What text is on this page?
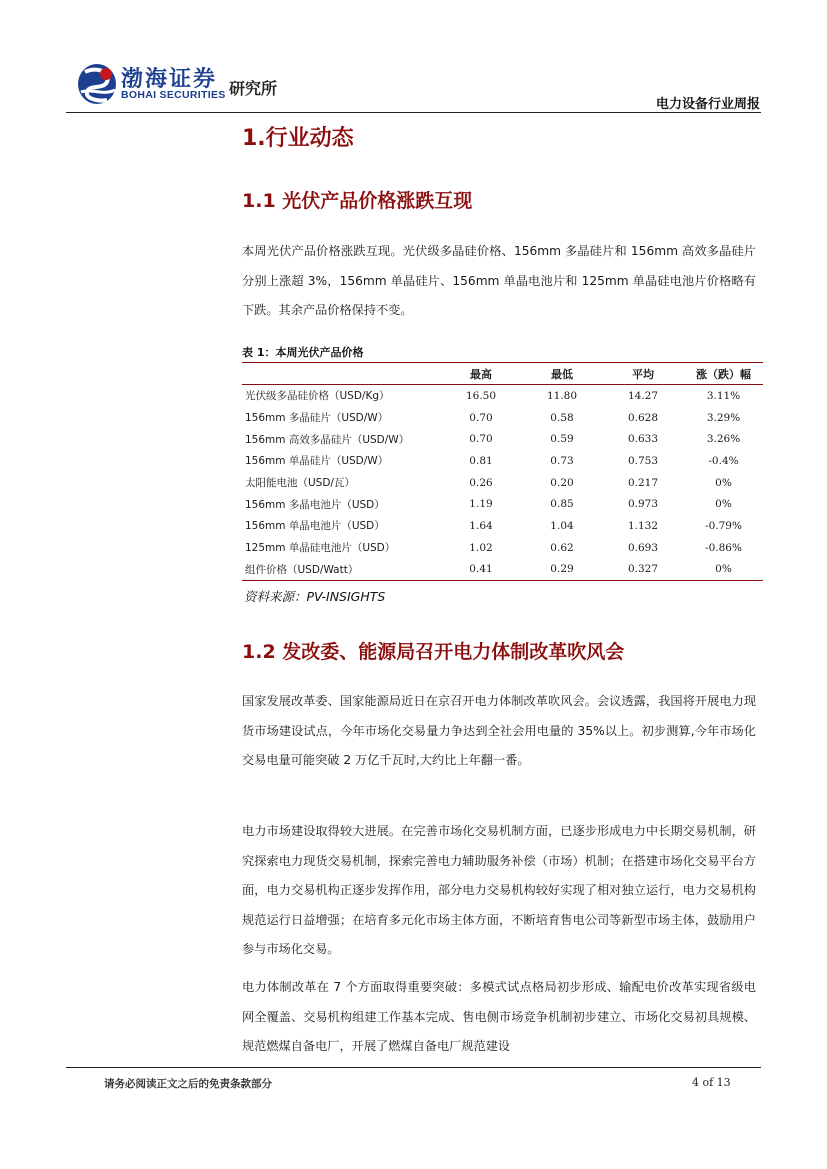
渤海证券
BOHAI SECURITIES 研究所
电力设备行业周报
1.行业动态
1.1 光伏产品价格涨跌互现

本周光伏产品价格涨跌互现。光伏级多晶硅价格、156mm 多晶硅片和 156mm 高效多晶硅片分别上涨超 3%，156mm 单晶硅片、156mm 单晶电池片和 125mm 单晶硅电池片价格略有下跌。其余产品价格保持不变。

表 1：本周光伏产品价格
	最高	最低	平均	涨（跌）幅
光伏级多晶硅价格（USD/Kg）	16.50	11.80	14.27	3.11%
156mm 多晶硅片（USD/W）	0.70	0.58	0.628	3.29%
156mm 高效多晶硅片（USD/W）	0.70	0.59	0.633	3.26%
156mm 单晶硅片（USD/W）	0.81	0.73	0.753	-0.4%
太阳能电池（USD/瓦）	0.26	0.20	0.217	0%
156mm 多晶电池片（USD）	1.19	0.85	0.973	0%
156mm 单晶电池片（USD）	1.64	1.04	1.132	-0.79%
125mm 单晶硅电池片（USD）	1.02	0.62	0.693	-0.86%
组件价格（USD/Watt）	0.41	0.29	0.327	0%
资料来源：PV-INSIGHTS
1.2 发改委、能源局召开电力体制改革吹风会

国家发展改革委、国家能源局近日在京召开电力体制改革吹风会。会议透露，我国将开展电力现货市场建设试点，今年市场化交易量力争达到全社会用电量的 35%以上。初步测算,今年市场化交易电量可能突破 2 万亿千瓦时,大约比上年翻一番。

电力市场建设取得较大进展。在完善市场化交易机制方面，已逐步形成电力中长期交易机制，研究探索电力现货交易机制，探索完善电力辅助服务补偿（市场）机制；在搭建市场化交易平台方面，电力交易机构正逐步发挥作用，部分电力交易机构较好实现了相对独立运行，电力交易机构规范运行日益增强；在培育多元化市场主体方面，不断培育售电公司等新型市场主体，鼓励用户参与市场化交易。

电力体制改革在 7 个方面取得重要突破：多模式试点格局初步形成、输配电价改革实现省级电网全覆盖、交易机构组建工作基本完成、售电侧市场竞争机制初步建立、市场化交易初具规模、规范燃煤自备电厂，开展了燃煤自备电厂规范建设

请务必阅读正文之后的免责条款部分	4 of 13
